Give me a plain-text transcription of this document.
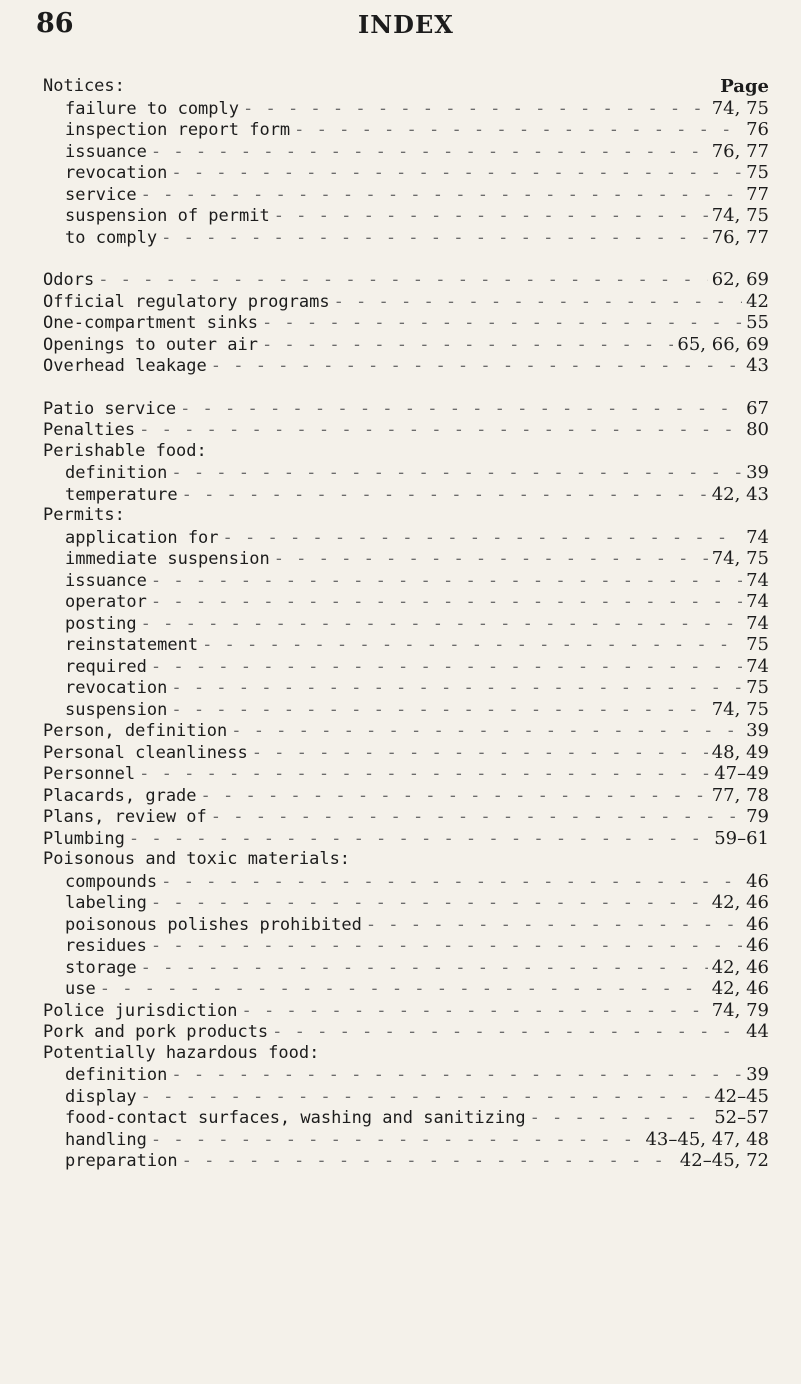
86	INDEX
Page
Notices:
failure to comply - - -	74, 75
inspection report form - - -	76
issuance - - -	76, 77
revocation - - -	75
service - - -	77
suspension of permit - - -	74, 75
to comply - - -	76, 77
Odors - - -	62, 69
Official regulatory programs - - -	42
One-compartment sinks - - -	55
Openings to outer air - - -	65, 66, 69
Overhead leakage - - -	43
Patio service - - -	67
Penalties - - -	80
Perishable food:
definition - - -	39
temperature - - -	42, 43
Permits:
application for - - -	74
immediate suspension - - -	74, 75
issuance - - -	74
operator - - -	74
posting - - -	74
reinstatement - - -	75
required - - -	74
revocation - - -	75
suspension - - -	74, 75
Person, definition - - -	39
Personal cleanliness - - -	48, 49
Personnel - - -	47–49
Placards, grade - - -	77, 78
Plans, review of - - -	79
Plumbing - - -	59–61
Poisonous and toxic materials:
compounds - - -	46
labeling - - -	42, 46
poisonous polishes prohibited - - -	46
residues - - -	46
storage - - -	42, 46
use - - -	42, 46
Police jurisdiction - - -	74, 79
Pork and pork products - - -	44
Potentially hazardous food:
definition - - -	39
display - - -	42–45
food-contact surfaces, washing and sanitizing - - -	52–57
handling - - -	43–45, 47, 48
preparation - - -	42–45, 72
